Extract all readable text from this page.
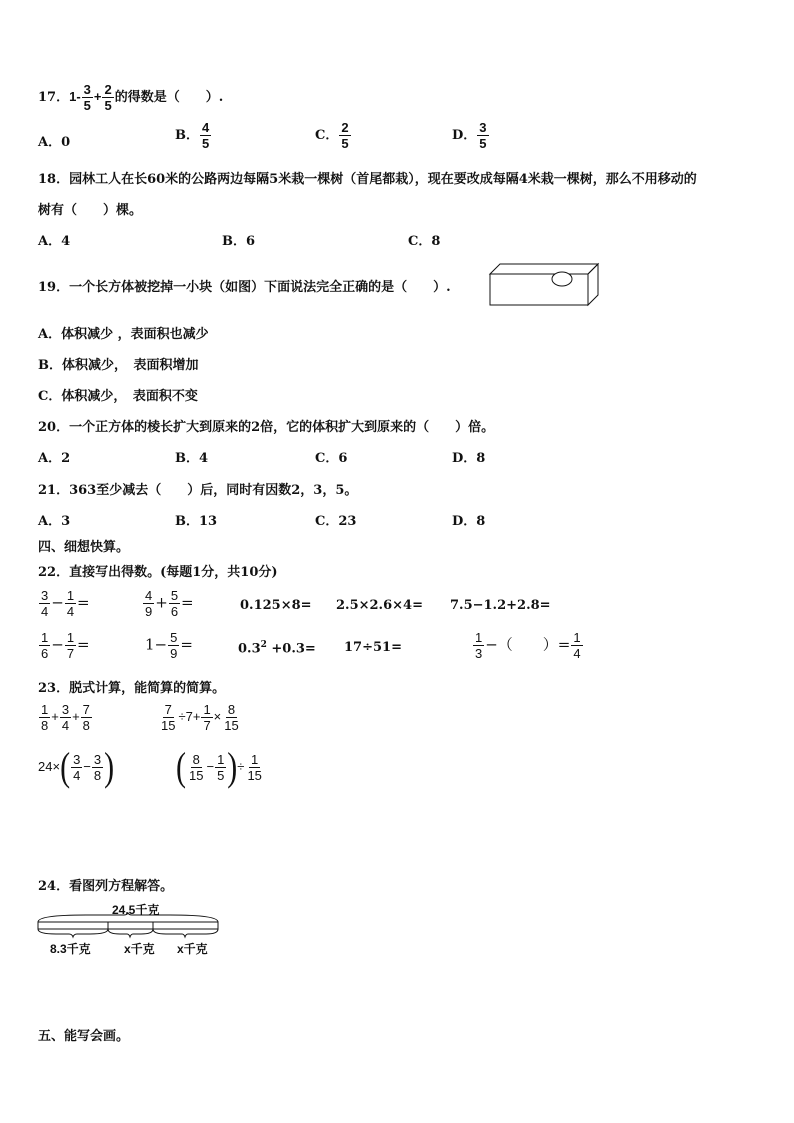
17．$1- \frac{3}{5} + \frac{2}{5}$ 的得数是（　　）.
A．0	B． $\frac{4}{5}$	C． $\frac{2}{5}$	D． $\frac{3}{5}$
18．园林工人在长60米的公路两边每隔5米栽一棵树（首尾都栽），现在要改成每隔4米栽一棵树，那么不用移动的
树有（　　）棵。
A．4	B．6	C．8
19．一个长方体被挖掉一小块（如图）下面说法完全正确的是（　　）.
A．体积减少 ，表面积也减少
B．体积减少，　表面积增加
C．体积减少，　表面积不变
20．一个正方体的棱长扩大到原来的2倍，它的体积扩大到原来的（　　）倍。
A．2	B．4	C．6	D．8
21．363至少减去（　　）后，同时有因数2，3，5。
A．3	B．13	C．23	D．8
四、细想快算。
22．直接写出得数。(每题1分，共10分)
$\frac{3}{4} - \frac{1}{4}$ =	$\frac{4}{9} + \frac{5}{6}$ =	0.125×8= 2.5×2.6×4= 7.5−1.2+2.8=
$\frac{1}{6} - \frac{1}{7}$ =	$1- \frac{5}{9}$ =	$0.3^2 +0.3= 17\div 51=$	$\frac{1}{3}$ −（　　）= $\frac{1}{4}$
23．脱式计算，能简算的简算。
$\frac{1}{8} + \frac{3}{4} + \frac{7}{8}$	$\frac{7}{15} \div 7+ \frac{1}{7} \times \frac{8}{15}$
$24\times( \frac{3}{4} - \frac{3}{8}$ ) ( $\frac{8}{15} - \frac{1}{5}$ )÷ $\frac{1}{15}$
24．看图列方程解答。
24.5千克
8.3千克	x千克 x千克
五、能写会画。
